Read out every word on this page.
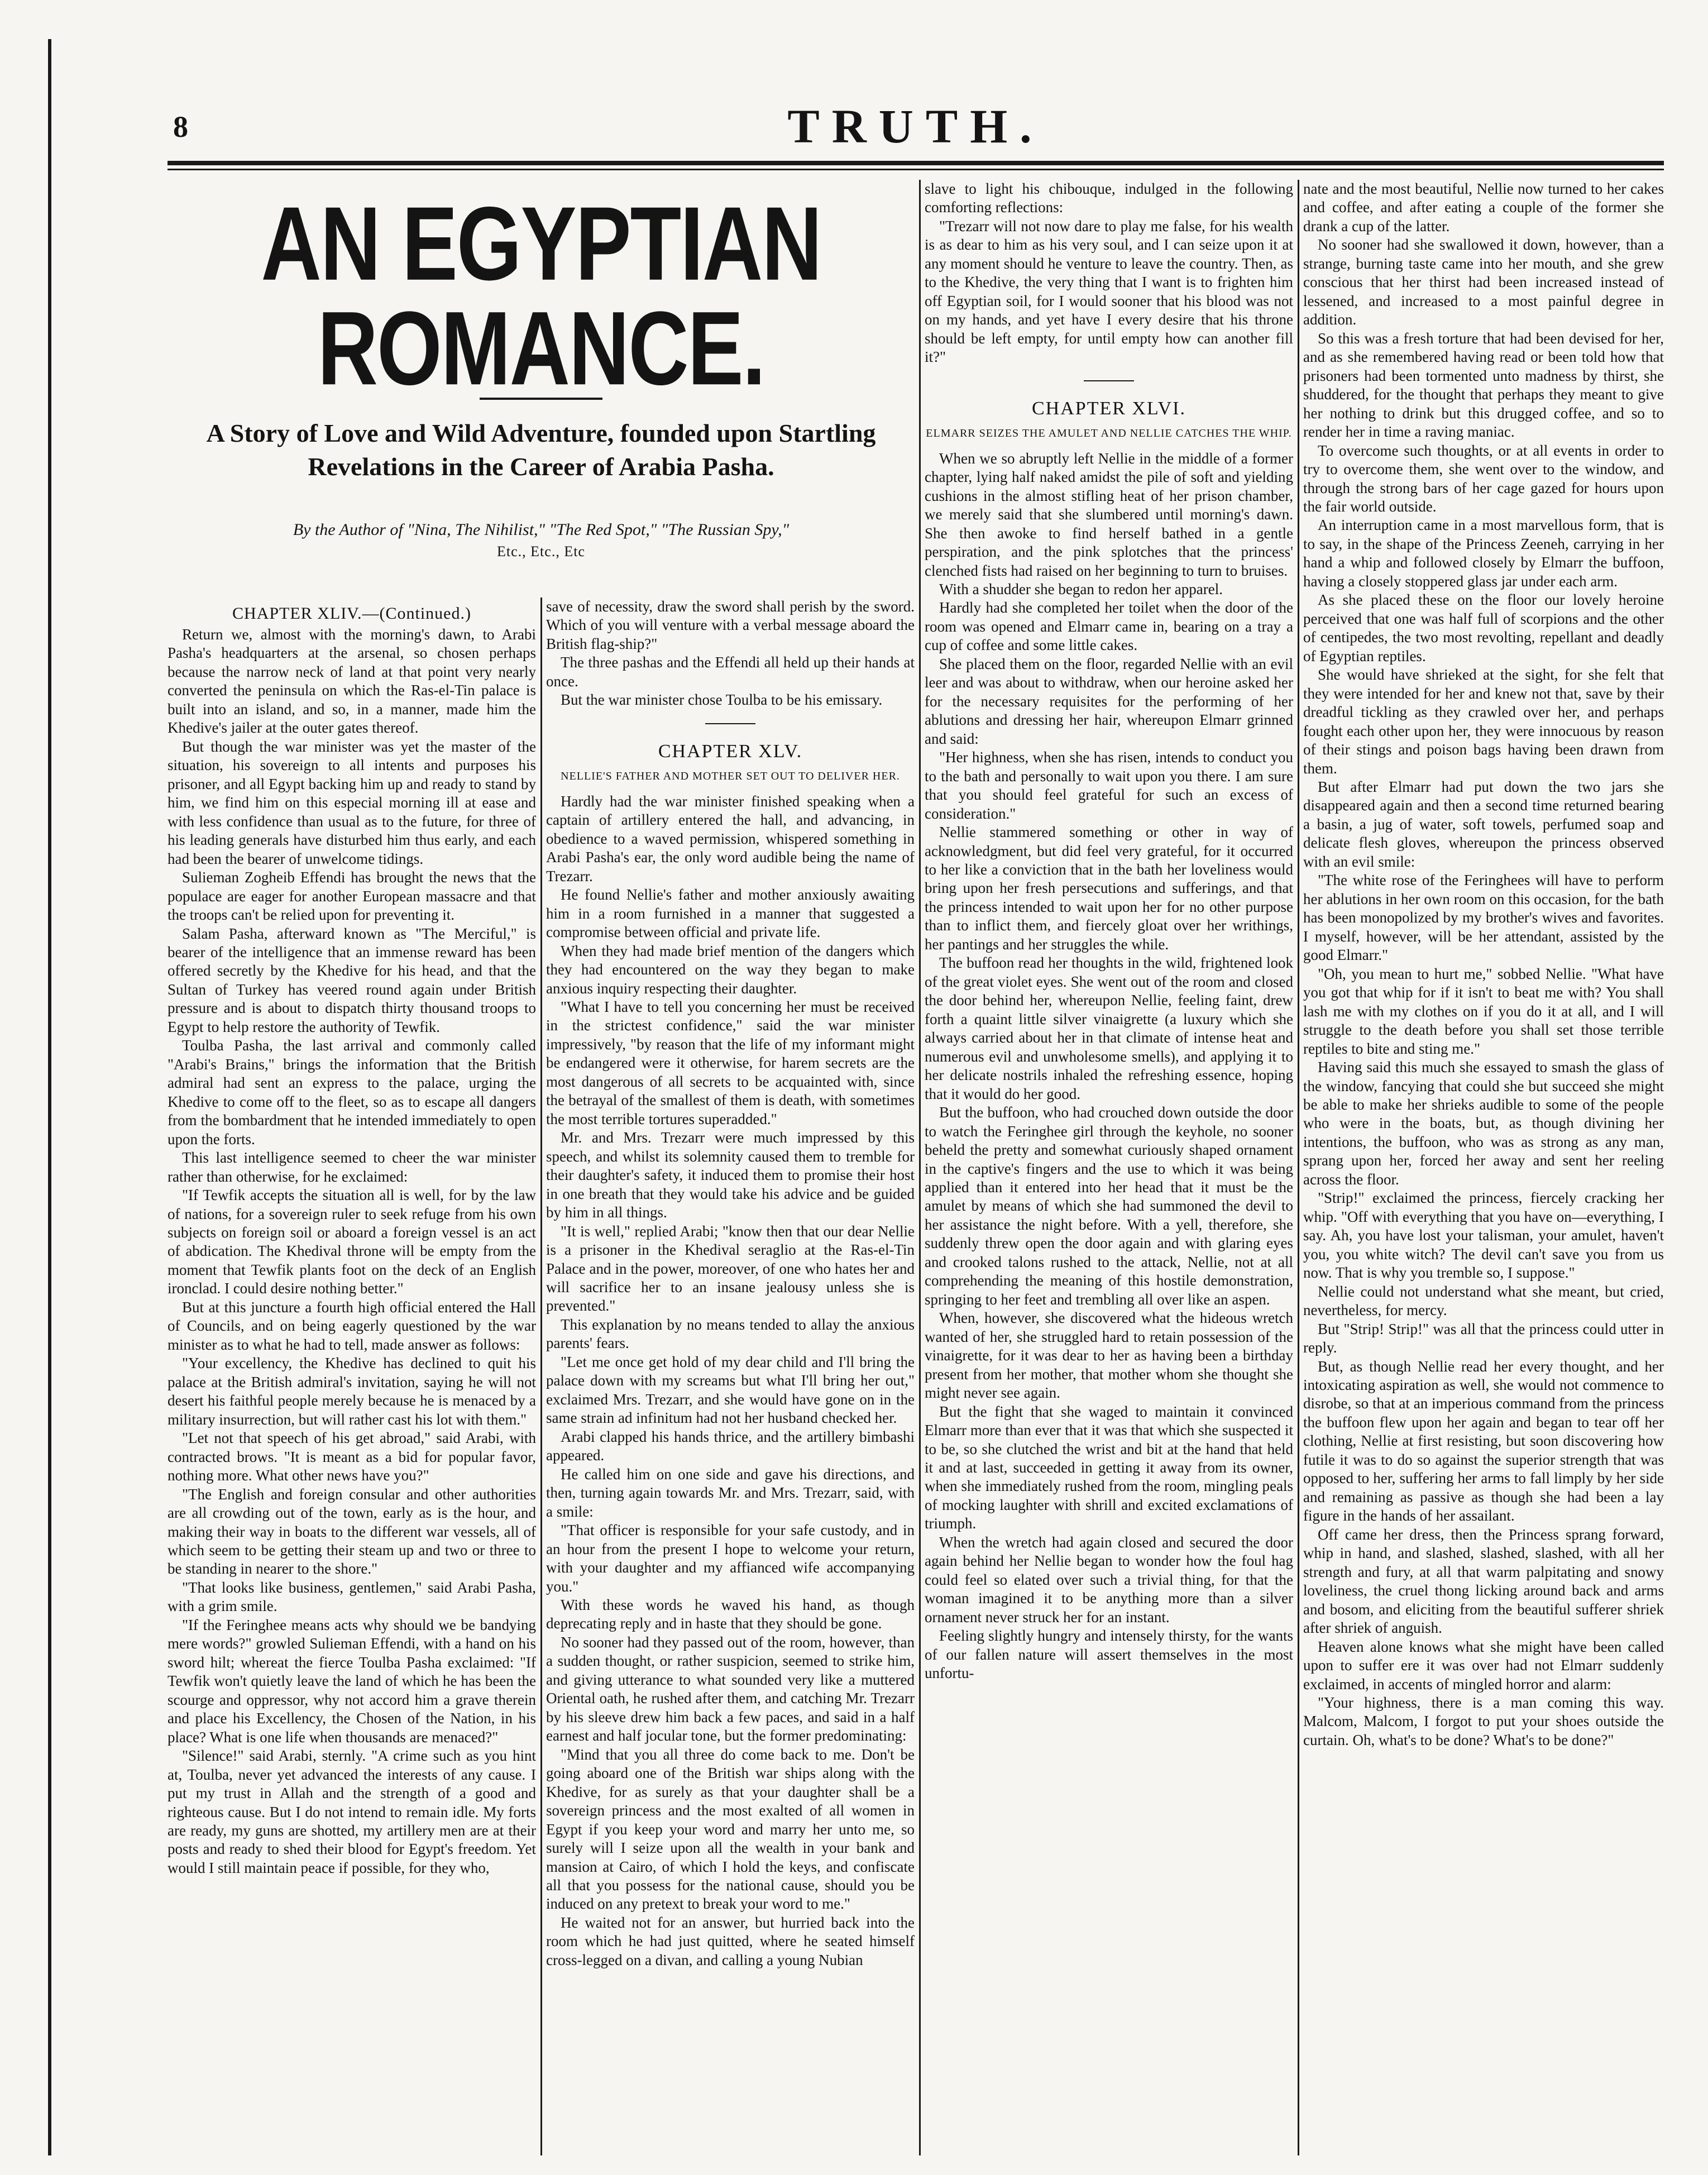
8	TRUTH.
AN EGYPTIAN ROMANCE.
A Story of Love and Wild Adventure, founded upon Startling Revelations in the Career of Arabia Pasha.
By the Author of "Nina, The Nihilist," "The Red Spot," "The Russian Spy,"
Etc., Etc., Etc
CHAPTER XLIV.—(Continued.)

Return we, almost with the morning's dawn, to Arabi Pasha's headquarters at the arsenal, so chosen perhaps because the narrow neck of land at that point very nearly converted the peninsula on which the Ras-el-Tin palace is built into an island, and so, in a manner, made him the Khedive's jailer at the outer gates thereof.

But though the war minister was yet the master of the situation, his sovereign to all intents and purposes his prisoner, and all Egypt backing him up and ready to stand by him, we find him on this especial morning ill at ease and with less confidence than usual as to the future, for three of his leading generals have disturbed him thus early, and each had been the bearer of unwelcome tidings.

Sulieman Zogheib Effendi has brought the news that the populace are eager for another European massacre and that the troops can't be relied upon for preventing it.

Salam Pasha, afterward known as "The Merciful," is bearer of the intelligence that an immense reward has been offered secretly by the Khedive for his head, and that the Sultan of Turkey has veered round again under British pressure and is about to dispatch thirty thousand troops to Egypt to help restore the authority of Tewfik.

Toulba Pasha, the last arrival and commonly called "Arabi's Brains," brings the information that the British admiral had sent an express to the palace, urging the Khedive to come off to the fleet, so as to escape all dangers from the bombardment that he intended immediately to open upon the forts.

This last intelligence seemed to cheer the war minister rather than otherwise, for he exclaimed:

"If Tewfik accepts the situation all is well, for by the law of nations, for a sovereign ruler to seek refuge from his own subjects on foreign soil or aboard a foreign vessel is an act of abdication. The Khedival throne will be empty from the moment that Tewfik plants foot on the deck of an English ironclad. I could desire nothing better."

But at this juncture a fourth high official entered the Hall of Councils, and on being eagerly questioned by the war minister as to what he had to tell, made answer as follows:

"Your excellency, the Khedive has declined to quit his palace at the British admiral's invitation, saying he will not desert his faithful people merely because he is menaced by a military insurrection, but will rather cast his lot with them."

"Let not that speech of his get abroad," said Arabi, with contracted brows. "It is meant as a bid for popular favor, nothing more. What other news have you?"

"The English and foreign consular and other authorities are all crowding out of the town, early as is the hour, and making their way in boats to the different war vessels, all of which seem to be getting their steam up and two or three to be standing in nearer to the shore."

"That looks like business, gentlemen," said Arabi Pasha, with a grim smile.

"If the Feringhee means acts why should we be bandying mere words?" growled Sulieman Effendi, with a hand on his sword hilt; whereat the fierce Toulba Pasha exclaimed: "If Tewfik won't quietly leave the land of which he has been the scourge and oppressor, why not accord him a grave therein and place his Excellency, the Chosen of the Nation, in his place? What is one life when thousands are menaced?"

"Silence!" said Arabi, sternly. "A crime such as you hint at, Toulba, never yet advanced the interests of any cause. I put my trust in Allah and the strength of a good and righteous cause. But I do not intend to remain idle. My forts are ready, my guns are shotted, my artillery men are at their posts and ready to shed their blood for Egypt's freedom. Yet would I still maintain peace if possible, for they who,

save of necessity, draw the sword shall perish by the sword. Which of you will venture with a verbal message aboard the British flag-ship?"

The three pashas and the Effendi all held up their hands at once.

But the war minister chose Toulba to be his emissary.

CHAPTER XLV.
NELLIE'S FATHER AND MOTHER SET OUT TO DELIVER HER.

Hardly had the war minister finished speaking when a captain of artillery entered the hall, and advancing, in obedience to a waved permission, whispered something in Arabi Pasha's ear, the only word audible being the name of Trezarr.

He found Nellie's father and mother anxiously awaiting him in a room furnished in a manner that suggested a compromise between official and private life.

When they had made brief mention of the dangers which they had encountered on the way they began to make anxious inquiry respecting their daughter.

"What I have to tell you concerning her must be received in the strictest confidence," said the war minister impressively, "by reason that the life of my informant might be endangered were it otherwise, for harem secrets are the most dangerous of all secrets to be acquainted with, since the betrayal of the smallest of them is death, with sometimes the most terrible tortures superadded."

Mr. and Mrs. Trezarr were much impressed by this speech, and whilst its solemnity caused them to tremble for their daughter's safety, it induced them to promise their host in one breath that they would take his advice and be guided by him in all things.

"It is well," replied Arabi; "know then that our dear Nellie is a prisoner in the Khedival seraglio at the Ras-el-Tin Palace and in the power, moreover, of one who hates her and will sacrifice her to an insane jealousy unless she is prevented."

This explanation by no means tended to allay the anxious parents' fears.

"Let me once get hold of my dear child and I'll bring the palace down with my screams but what I'll bring her out," exclaimed Mrs. Trezarr, and she would have gone on in the same strain ad infinitum had not her husband checked her.

Arabi clapped his hands thrice, and the artillery bimbashi appeared.

He called him on one side and gave his directions, and then, turning again towards Mr. and Mrs. Trezarr, said, with a smile:

"That officer is responsible for your safe custody, and in an hour from the present I hope to welcome your return, with your daughter and my affianced wife accompanying you."

With these words he waved his hand, as though deprecating reply and in haste that they should be gone.

No sooner had they passed out of the room, however, than a sudden thought, or rather suspicion, seemed to strike him, and giving utterance to what sounded very like a muttered Oriental oath, he rushed after them, and catching Mr. Trezarr by his sleeve drew him back a few paces, and said in a half earnest and half jocular tone, but the former predominating:

"Mind that you all three do come back to me. Don't be going aboard one of the British war ships along with the Khedive, for as surely as that your daughter shall be a sovereign princess and the most exalted of all women in Egypt if you keep your word and marry her unto me, so surely will I seize upon all the wealth in your bank and mansion at Cairo, of which I hold the keys, and confiscate all that you possess for the national cause, should you be induced on any pretext to break your word to me."

He waited not for an answer, but hurried back into the room which he had just quitted, where he seated himself cross-legged on a divan, and calling a young Nubian

slave to light his chibouque, indulged in the following comforting reflections:

"Trezarr will not now dare to play me false, for his wealth is as dear to him as his very soul, and I can seize upon it at any moment should he venture to leave the country. Then, as to the Khedive, the very thing that I want is to frighten him off Egyptian soil, for I would sooner that his blood was not on my hands, and yet have I every desire that his throne should be left empty, for until empty how can another fill it?"

CHAPTER XLVI.
ELMARR SEIZES THE AMULET AND NELLIE CATCHES THE WHIP.

When we so abruptly left Nellie in the middle of a former chapter, lying half naked amidst the pile of soft and yielding cushions in the almost stifling heat of her prison chamber, we merely said that she slumbered until morning's dawn. She then awoke to find herself bathed in a gentle perspiration, and the pink splotches that the princess' clenched fists had raised on her beginning to turn to bruises.

With a shudder she began to redon her apparel.

Hardly had she completed her toilet when the door of the room was opened and Elmarr came in, bearing on a tray a cup of coffee and some little cakes.

She placed them on the floor, regarded Nellie with an evil leer and was about to withdraw, when our heroine asked her for the necessary requisites for the performing of her ablutions and dressing her hair, whereupon Elmarr grinned and said:

"Her highness, when she has risen, intends to conduct you to the bath and personally to wait upon you there. I am sure that you should feel grateful for such an excess of consideration."

Nellie stammered something or other in way of acknowledgment, but did feel very grateful, for it occurred to her like a conviction that in the bath her loveliness would bring upon her fresh persecutions and sufferings, and that the princess intended to wait upon her for no other purpose than to inflict them, and fiercely gloat over her writhings, her pantings and her struggles the while.

The buffoon read her thoughts in the wild, frightened look of the great violet eyes. She went out of the room and closed the door behind her, whereupon Nellie, feeling faint, drew forth a quaint little silver vinaigrette (a luxury which she always carried about her in that climate of intense heat and numerous evil and unwholesome smells), and applying it to her delicate nostrils inhaled the refreshing essence, hoping that it would do her good.

But the buffoon, who had crouched down outside the door to watch the Feringhee girl through the keyhole, no sooner beheld the pretty and somewhat curiously shaped ornament in the captive's fingers and the use to which it was being applied than it entered into her head that it must be the amulet by means of which she had summoned the devil to her assistance the night before. With a yell, therefore, she suddenly threw open the door again and with glaring eyes and crooked talons rushed to the attack, Nellie, not at all comprehending the meaning of this hostile demonstration, springing to her feet and trembling all over like an aspen.

When, however, she discovered what the hideous wretch wanted of her, she struggled hard to retain possession of the vinaigrette, for it was dear to her as having been a birthday present from her mother, that mother whom she thought she might never see again.

But the fight that she waged to maintain it convinced Elmarr more than ever that it was that which she suspected it to be, so she clutched the wrist and bit at the hand that held it and at last, succeeded in getting it away from its owner, when she immediately rushed from the room, mingling peals of mocking laughter with shrill and excited exclamations of triumph.

When the wretch had again closed and secured the door again behind her Nellie began to wonder how the foul hag could feel so elated over such a trivial thing, for that the woman imagined it to be anything more than a silver ornament never struck her for an instant.

Feeling slightly hungry and intensely thirsty, for the wants of our fallen nature will assert themselves in the most unfortu-

nate and the most beautiful, Nellie now turned to her cakes and coffee, and after eating a couple of the former she drank a cup of the latter.

No sooner had she swallowed it down, however, than a strange, burning taste came into her mouth, and she grew conscious that her thirst had been increased instead of lessened, and increased to a most painful degree in addition.

So this was a fresh torture that had been devised for her, and as she remembered having read or been told how that prisoners had been tormented unto madness by thirst, she shuddered, for the thought that perhaps they meant to give her nothing to drink but this drugged coffee, and so to render her in time a raving maniac.

To overcome such thoughts, or at all events in order to try to overcome them, she went over to the window, and through the strong bars of her cage gazed for hours upon the fair world outside.

An interruption came in a most marvellous form, that is to say, in the shape of the Princess Zeeneh, carrying in her hand a whip and followed closely by Elmarr the buffoon, having a closely stoppered glass jar under each arm.

As she placed these on the floor our lovely heroine perceived that one was half full of scorpions and the other of centipedes, the two most revolting, repellant and deadly of Egyptian reptiles.

She would have shrieked at the sight, for she felt that they were intended for her and knew not that, save by their dreadful tickling as they crawled over her, and perhaps fought each other upon her, they were innocuous by reason of their stings and poison bags having been drawn from them.

But after Elmarr had put down the two jars she disappeared again and then a second time returned bearing a basin, a jug of water, soft towels, perfumed soap and delicate flesh gloves, whereupon the princess observed with an evil smile:

"The white rose of the Feringhees will have to perform her ablutions in her own room on this occasion, for the bath has been monopolized by my brother's wives and favorites. I myself, however, will be her attendant, assisted by the good Elmarr."

"Oh, you mean to hurt me," sobbed Nellie. "What have you got that whip for if it isn't to beat me with? You shall lash me with my clothes on if you do it at all, and I will struggle to the death before you shall set those terrible reptiles to bite and sting me."

Having said this much she essayed to smash the glass of the window, fancying that could she but succeed she might be able to make her shrieks audible to some of the people who were in the boats, but, as though divining her intentions, the buffoon, who was as strong as any man, sprang upon her, forced her away and sent her reeling across the floor.

"Strip!" exclaimed the princess, fiercely cracking her whip. "Off with everything that you have on—everything, I say. Ah, you have lost your talisman, your amulet, haven't you, you white witch? The devil can't save you from us now. That is why you tremble so, I suppose."

Nellie could not understand what she meant, but cried, nevertheless, for mercy.

But "Strip! Strip!" was all that the princess could utter in reply.

But, as though Nellie read her every thought, and her intoxicating aspiration as well, she would not commence to disrobe, so that at an imperious command from the princess the buffoon flew upon her again and began to tear off her clothing, Nellie at first resisting, but soon discovering how futile it was to do so against the superior strength that was opposed to her, suffering her arms to fall limply by her side and remaining as passive as though she had been a lay figure in the hands of her assailant.

Off came her dress, then the Princess sprang forward, whip in hand, and slashed, slashed, slashed, with all her strength and fury, at all that warm palpitating and snowy loveliness, the cruel thong licking around back and arms and bosom, and eliciting from the beautiful sufferer shriek after shriek of anguish.

Heaven alone knows what she might have been called upon to suffer ere it was over had not Elmarr suddenly exclaimed, in accents of mingled horror and alarm:

"Your highness, there is a man coming this way. Malcom, Malcom, I forgot to put your shoes outside the curtain. Oh, what's to be done? What's to be done?"
